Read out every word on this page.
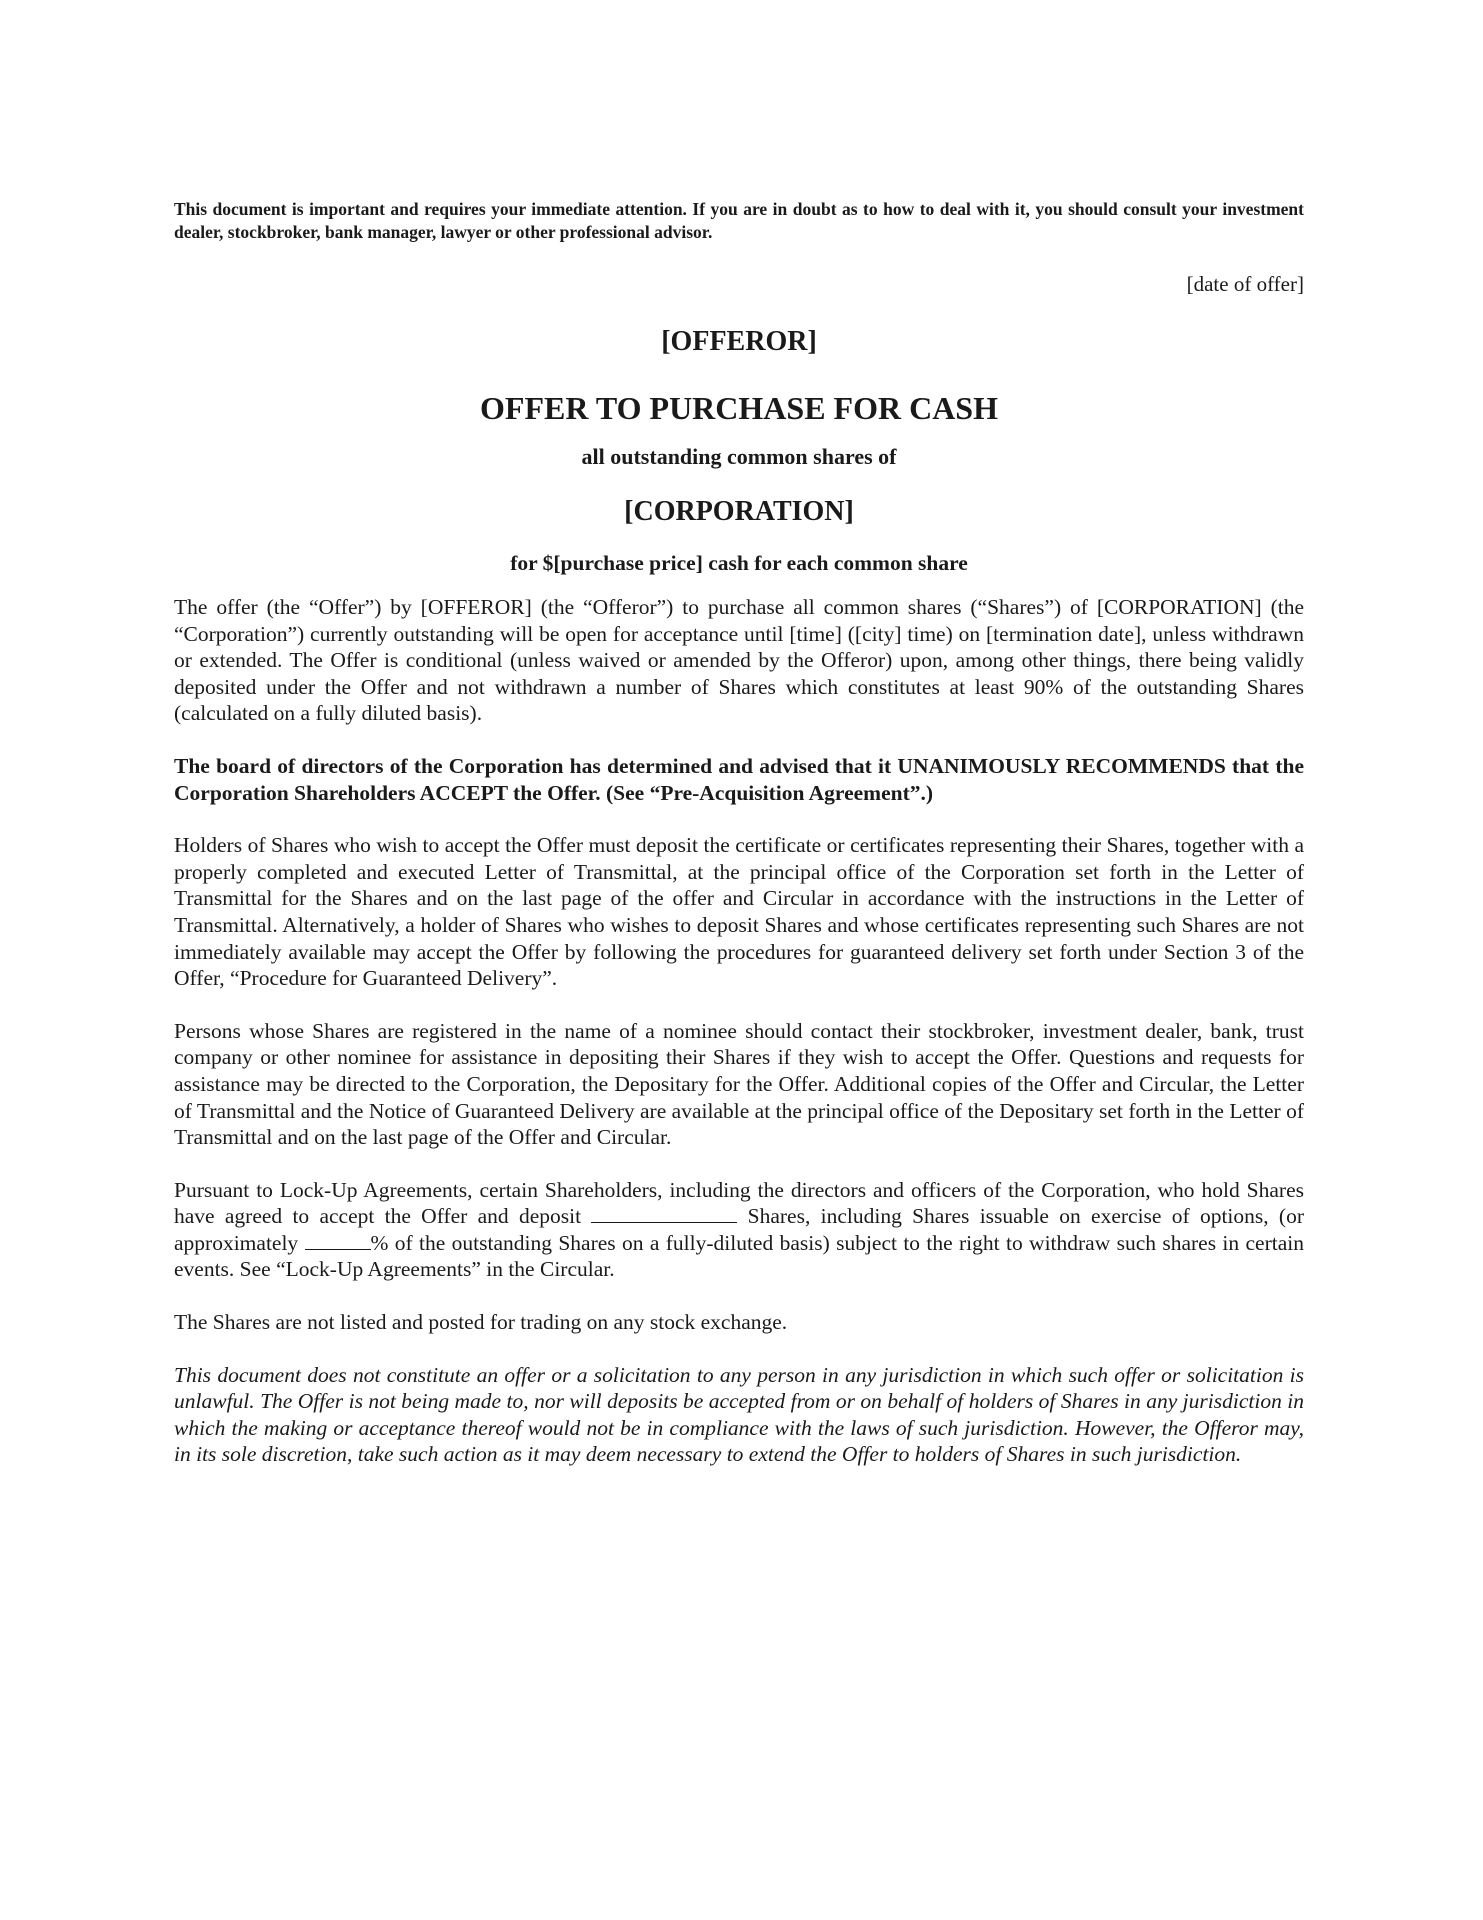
This document is important and requires your immediate attention. If you are in doubt as to how to deal with it, you should consult your investment dealer, stockbroker, bank manager, lawyer or other professional advisor.

[date of offer]

[OFFEROR]
OFFER TO PURCHASE FOR CASH

all outstanding common shares of

[CORPORATION]

for $[purchase price] cash for each common share

The offer (the “Offer”) by [OFFEROR] (the “Offeror”) to purchase all common shares (“Shares”) of [CORPORATION] (the “Corporation”) currently outstanding will be open for acceptance until [time] ([city] time) on [termination date], unless withdrawn or extended. The Offer is conditional (unless waived or amended by the Offeror) upon, among other things, there being validly deposited under the Offer and not withdrawn a number of Shares which constitutes at least 90% of the outstanding Shares (calculated on a fully diluted basis).

The board of directors of the Corporation has determined and advised that it UNANIMOUSLY RECOMMENDS that the Corporation Shareholders ACCEPT the Offer. (See “Pre-Acquisition Agreement”.)

Holders of Shares who wish to accept the Offer must deposit the certificate or certificates representing their Shares, together with a properly completed and executed Letter of Transmittal, at the principal office of the Corporation set forth in the Letter of Transmittal for the Shares and on the last page of the offer and Circular in accordance with the instructions in the Letter of Transmittal. Alternatively, a holder of Shares who wishes to deposit Shares and whose certificates representing such Shares are not immediately available may accept the Offer by following the procedures for guaranteed delivery set forth under Section 3 of the Offer, “Procedure for Guaranteed Delivery”.

Persons whose Shares are registered in the name of a nominee should contact their stockbroker, investment dealer, bank, trust company or other nominee for assistance in depositing their Shares if they wish to accept the Offer. Questions and requests for assistance may be directed to the Corporation, the Depositary for the Offer. Additional copies of the Offer and Circular, the Letter of Transmittal and the Notice of Guaranteed Delivery are available at the principal office of the Depositary set forth in the Letter of Transmittal and on the last page of the Offer and Circular.

Pursuant to Lock-Up Agreements, certain Shareholders, including the directors and officers of the Corporation, who hold Shares have agreed to accept the Offer and deposit	Shares, including Shares issuable on exercise of options, (or approximately	% of the outstanding Shares on a fully-diluted basis) subject to the right to withdraw such shares in certain events. See “Lock-Up Agreements” in the Circular.

The Shares are not listed and posted for trading on any stock exchange.

This document does not constitute an offer or a solicitation to any person in any jurisdiction in which such offer or solicitation is unlawful. The Offer is not being made to, nor will deposits be accepted from or on behalf of holders of Shares in any jurisdiction in which the making or acceptance thereof would not be in compliance with the laws of such jurisdiction. However, the Offeror may, in its sole discretion, take such action as it may deem necessary to extend the Offer to holders of Shares in such jurisdiction.
